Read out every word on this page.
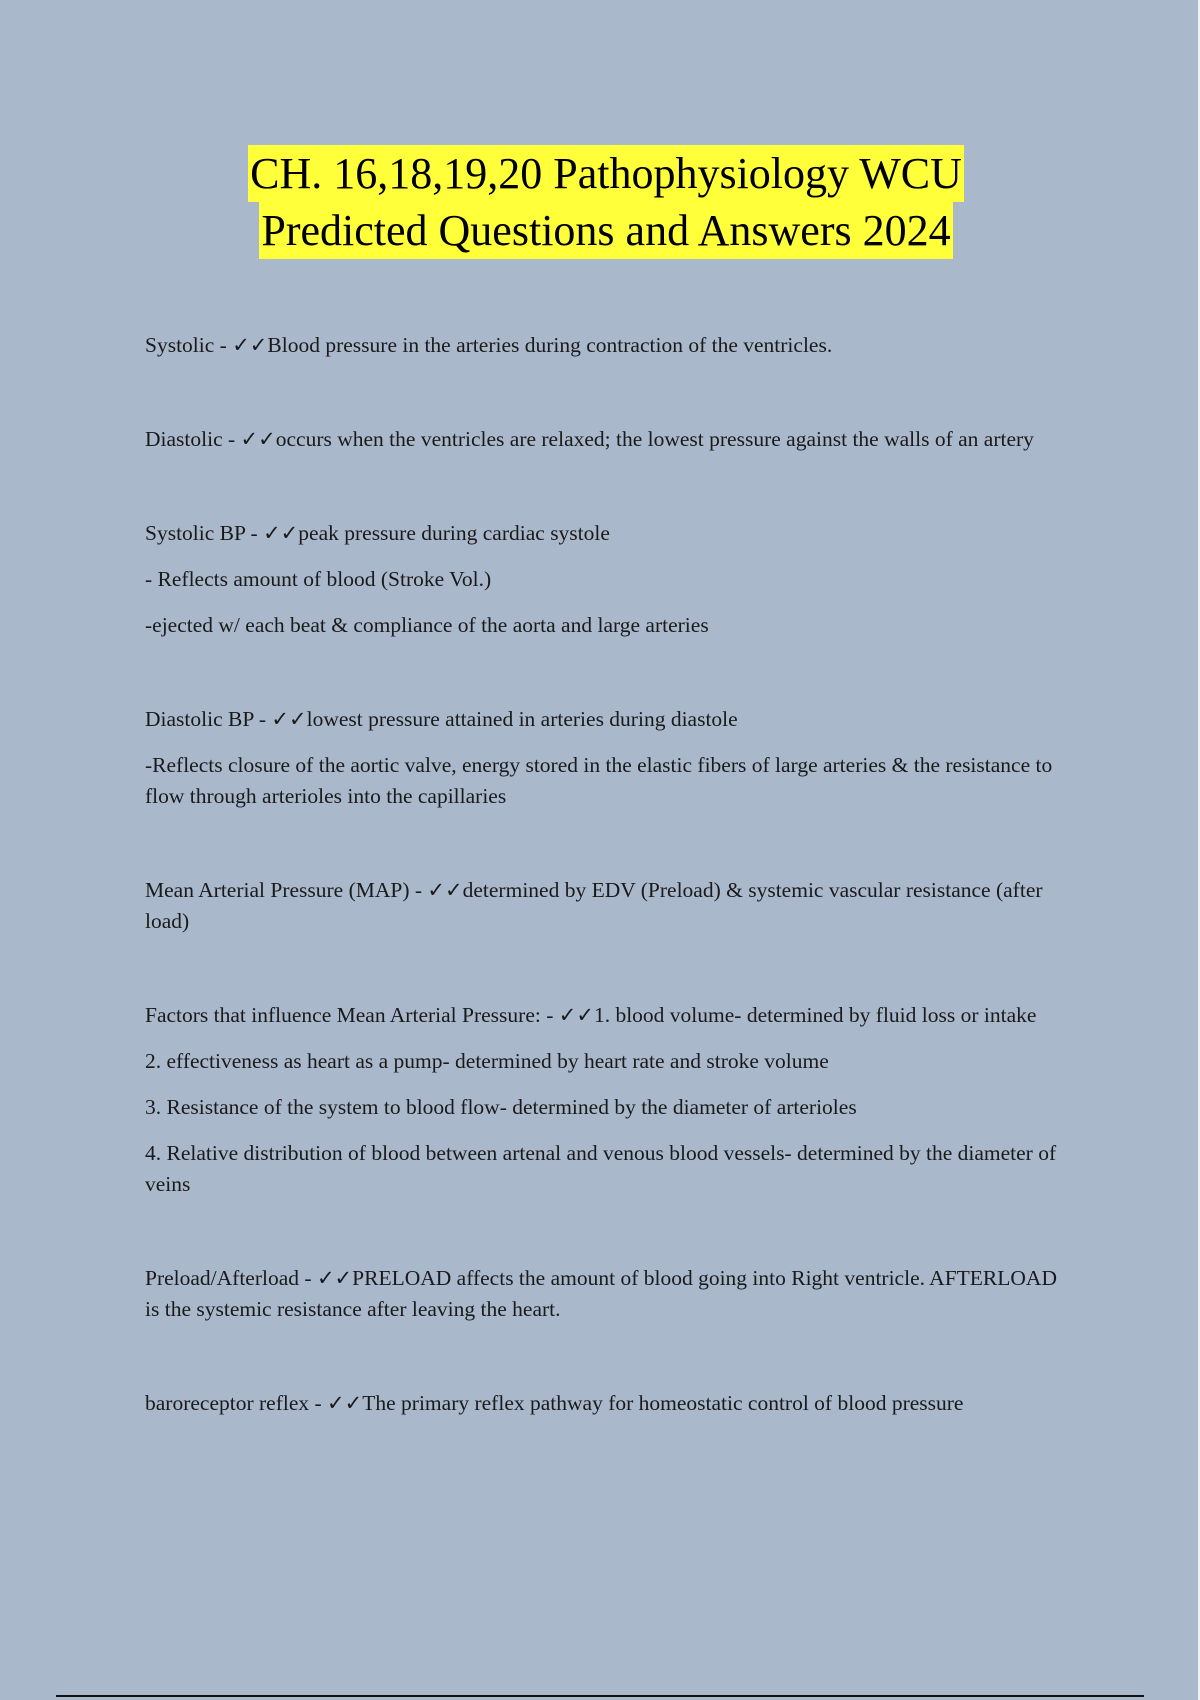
CH. 16,18,19,20 Pathophysiology WCU
Predicted Questions and Answers 2024

Systolic - ✓✓Blood pressure in the arteries during contraction of the ventricles.

Diastolic - ✓✓occurs when the ventricles are relaxed; the lowest pressure against the walls of an artery

Systolic BP - ✓✓peak pressure during cardiac systole

- Reflects amount of blood (Stroke Vol.)

-ejected w/ each beat & compliance of the aorta and large arteries

Diastolic BP - ✓✓lowest pressure attained in arteries during diastole

-Reflects closure of the aortic valve, energy stored in the elastic fibers of large arteries & the resistance to flow through arterioles into the capillaries

Mean Arterial Pressure (MAP) - ✓✓determined by EDV (Preload) & systemic vascular resistance (after load)

Factors that influence Mean Arterial Pressure: - ✓✓1. blood volume- determined by fluid loss or intake

2. effectiveness as heart as a pump- determined by heart rate and stroke volume

3. Resistance of the system to blood flow- determined by the diameter of arterioles

4. Relative distribution of blood between artenal and venous blood vessels- determined by the diameter of veins

Preload/Afterload - ✓✓PRELOAD affects the amount of blood going into Right ventricle. AFTERLOAD is the systemic resistance after leaving the heart.

baroreceptor reflex - ✓✓The primary reflex pathway for homeostatic control of blood pressure
